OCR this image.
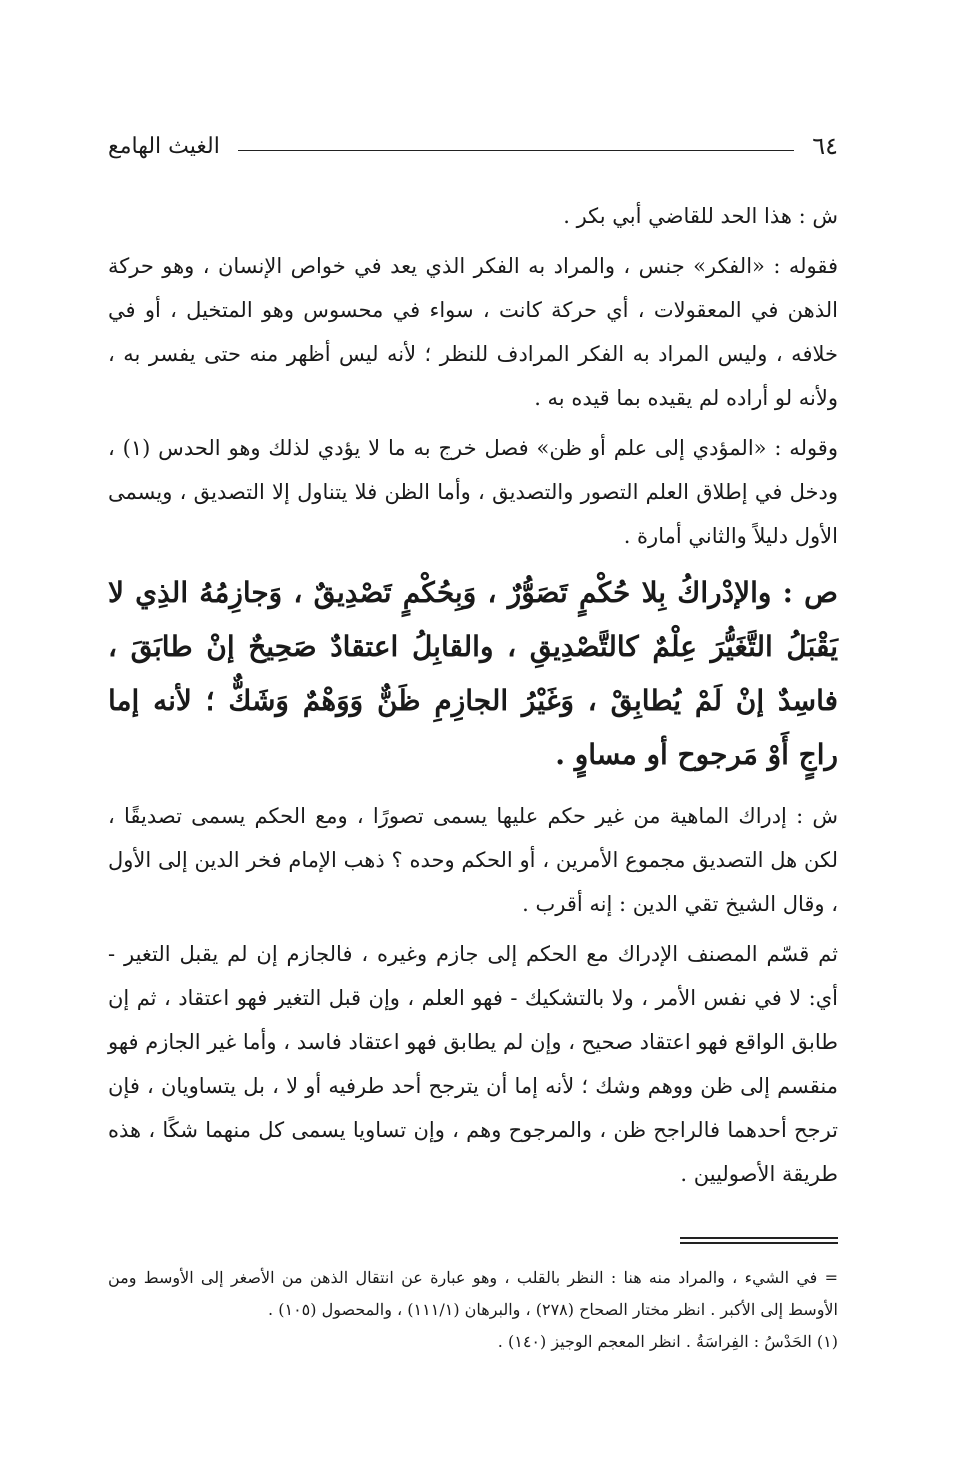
٦٤
الغيث الهامع

ش : هذا الحد للقاضي أبي بكر .

فقوله : «الفكر» جنس ، والمراد به الفكر الذي يعد في خواص الإنسان ، وهو حركة الذهن في المعقولات ، أي حركة كانت ، سواء في محسوس وهو المتخيل ، أو في خلافه ، وليس المراد به الفكر المرادف للنظر ؛ لأنه ليس أظهر منه حتى يفسر به ، ولأنه لو أراده لم يقيده بما قيده به .

وقوله : «المؤدي إلى علم أو ظن» فصل خرج به ما لا يؤدي لذلك وهو الحدس (١) ، ودخل في إطلاق العلم التصور والتصديق ، وأما الظن فلا يتناول إلا التصديق ، ويسمى الأول دليلاً والثاني أمارة .

ص : والإدْراكُ بِلا حُكْمٍ تَصَوُّرٌ ، وَبِحُكْمٍ تَصْدِيقٌ ، وَجازِمُهُ الذِي لا يَقْبَلُ التَّغَيُّرَ عِلْمٌ كالتَّصْدِيقِ ، والقابِلُ اعتقادٌ صَحِيحٌ إنْ طابَقَ ، فاسِدٌ إنْ لَمْ يُطابِقْ ، وَغَيْرُ الجازِمِ ظَنٌّ وَوَهْمٌ وَشَكٌّ ؛ لأنه إما راجٍ أَوْ مَرجوح أو مساوٍ .

ش : إدراك الماهية من غير حكم عليها يسمى تصورًا ، ومع الحكم يسمى تصديقًا ، لكن هل التصديق مجموع الأمرين ، أو الحكم وحده ؟ ذهب الإمام فخر الدين إلى الأول ، وقال الشيخ تقي الدين : إنه أقرب .

ثم قسّم المصنف الإدراك مع الحكم إلى جازم وغيره ، فالجازم إن لم يقبل التغير - أي: لا في نفس الأمر ، ولا بالتشكيك - فهو العلم ، وإن قبل التغير فهو اعتقاد ، ثم إن طابق الواقع فهو اعتقاد صحيح ، وإن لم يطابق فهو اعتقاد فاسد ، وأما غير الجازم فهو منقسم إلى ظن ووهم وشك ؛ لأنه إما أن يترجح أحد طرفيه أو لا ، بل يتساويان ، فإن ترجح أحدهما فالراجح ظن ، والمرجوح وهم ، وإن تساويا يسمى كل منهما شكًا ، هذه طريقة الأصوليين .

= في الشيء ، والمراد منه هنا : النظر بالقلب ، وهو عبارة عن انتقال الذهن من الأصغر إلى الأوسط ومن الأوسط إلى الأكبر . انظر مختار الصحاح (٢٧٨) ، والبرهان (١١١/١) ، والمحصول (١٠٥) .

(١) الحَدْسُ : الفِراسَةُ . انظر المعجم الوجيز (١٤٠) .
